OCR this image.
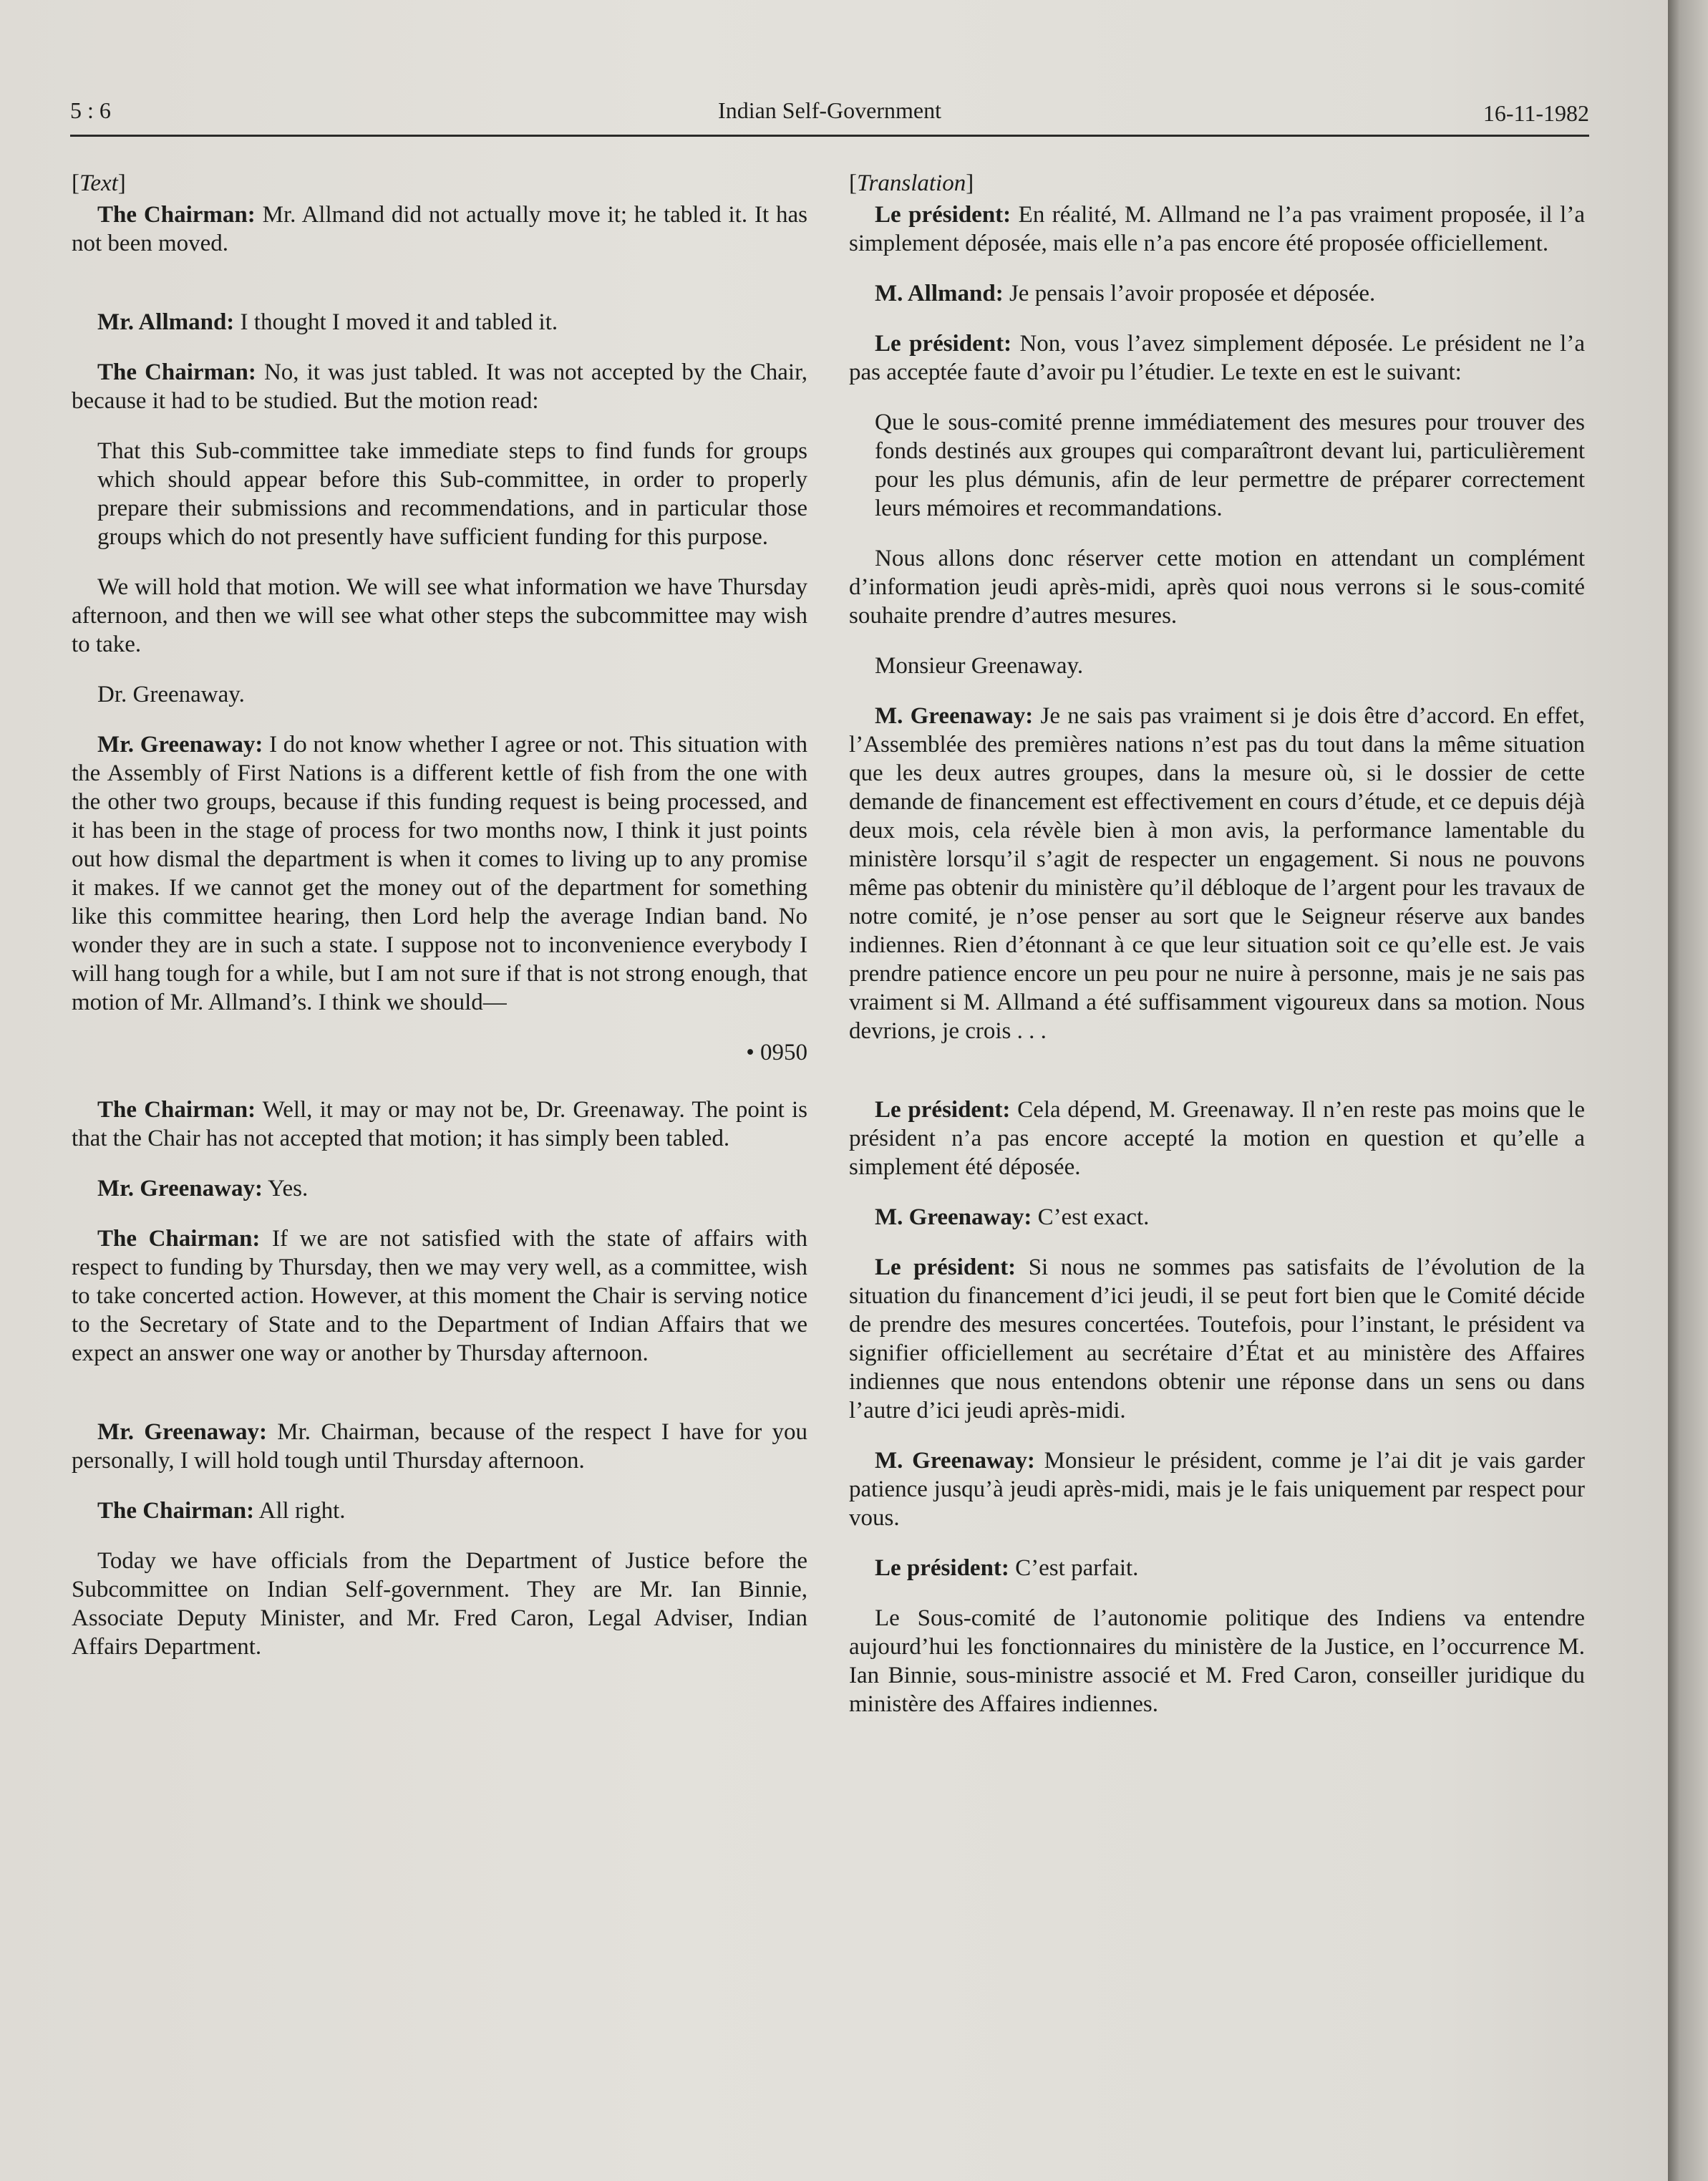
5 : 6	Indian Self-Government	16-11-1982

[Text]

The Chairman: Mr. Allmand did not actually move it; he tabled it. It has not been moved.

Mr. Allmand: I thought I moved it and tabled it.

The Chairman: No, it was just tabled. It was not accepted by the Chair, because it had to be studied. But the motion read:

That this Sub-committee take immediate steps to find funds for groups which should appear before this Sub-committee, in order to properly prepare their submissions and recommendations, and in particular those groups which do not presently have sufficient funding for this purpose.

We will hold that motion. We will see what information we have Thursday afternoon, and then we will see what other steps the subcommittee may wish to take.

Dr. Greenaway.

Mr. Greenaway: I do not know whether I agree or not. This situation with the Assembly of First Nations is a different kettle of fish from the one with the other two groups, because if this funding request is being processed, and it has been in the stage of process for two months now, I think it just points out how dismal the department is when it comes to living up to any promise it makes. If we cannot get the money out of the department for something like this committee hearing, then Lord help the average Indian band. No wonder they are in such a state. I suppose not to inconvenience everybody I will hang tough for a while, but I am not sure if that is not strong enough, that motion of Mr. Allmand’s. I think we should—

• 0950

The Chairman: Well, it may or may not be, Dr. Greenaway. The point is that the Chair has not accepted that motion; it has simply been tabled.

Mr. Greenaway: Yes.

The Chairman: If we are not satisfied with the state of affairs with respect to funding by Thursday, then we may very well, as a committee, wish to take concerted action. However, at this moment the Chair is serving notice to the Secretary of State and to the Department of Indian Affairs that we expect an answer one way or another by Thursday afternoon.

Mr. Greenaway: Mr. Chairman, because of the respect I have for you personally, I will hold tough until Thursday afternoon.

The Chairman: All right.

Today we have officials from the Department of Justice before the Subcommittee on Indian Self-government. They are Mr. Ian Binnie, Associate Deputy Minister, and Mr. Fred Caron, Legal Adviser, Indian Affairs Department.

[Translation]

Le président: En réalité, M. Allmand ne l’a pas vraiment proposée, il l’a simplement déposée, mais elle n’a pas encore été proposée officiellement.

M. Allmand: Je pensais l’avoir proposée et déposée.

Le président: Non, vous l’avez simplement déposée. Le président ne l’a pas acceptée faute d’avoir pu l’étudier. Le texte en est le suivant:

Que le sous-comité prenne immédiatement des mesures pour trouver des fonds destinés aux groupes qui comparaîtront devant lui, particulièrement pour les plus démunis, afin de leur permettre de préparer correctement leurs mémoires et recommandations.

Nous allons donc réserver cette motion en attendant un complément d’information jeudi après-midi, après quoi nous verrons si le sous-comité souhaite prendre d’autres mesures.

Monsieur Greenaway.

M. Greenaway: Je ne sais pas vraiment si je dois être d’accord. En effet, l’Assemblée des premières nations n’est pas du tout dans la même situation que les deux autres groupes, dans la mesure où, si le dossier de cette demande de financement est effectivement en cours d’étude, et ce depuis déjà deux mois, cela révèle bien à mon avis, la performance lamentable du ministère lorsqu’il s’agit de respecter un engagement. Si nous ne pouvons même pas obtenir du ministère qu’il débloque de l’argent pour les travaux de notre comité, je n’ose penser au sort que le Seigneur réserve aux bandes indiennes. Rien d’étonnant à ce que leur situation soit ce qu’elle est. Je vais prendre patience encore un peu pour ne nuire à personne, mais je ne sais pas vraiment si M. Allmand a été suffisamment vigoureux dans sa motion. Nous devrions, je crois . . .

Le président: Cela dépend, M. Greenaway. Il n’en reste pas moins que le président n’a pas encore accepté la motion en question et qu’elle a simplement été déposée.

M. Greenaway: C’est exact.

Le président: Si nous ne sommes pas satisfaits de l’évolution de la situation du financement d’ici jeudi, il se peut fort bien que le Comité décide de prendre des mesures concertées. Toutefois, pour l’instant, le président va signifier officiellement au secrétaire d’État et au ministère des Affaires indiennes que nous entendons obtenir une réponse dans un sens ou dans l’autre d’ici jeudi après-midi.

M. Greenaway: Monsieur le président, comme je l’ai dit je vais garder patience jusqu’à jeudi après-midi, mais je le fais uniquement par respect pour vous.

Le président: C’est parfait.

Le Sous-comité de l’autonomie politique des Indiens va entendre aujourd’hui les fonctionnaires du ministère de la Justice, en l’occurrence M. Ian Binnie, sous-ministre associé et M. Fred Caron, conseiller juridique du ministère des Affaires indiennes.
